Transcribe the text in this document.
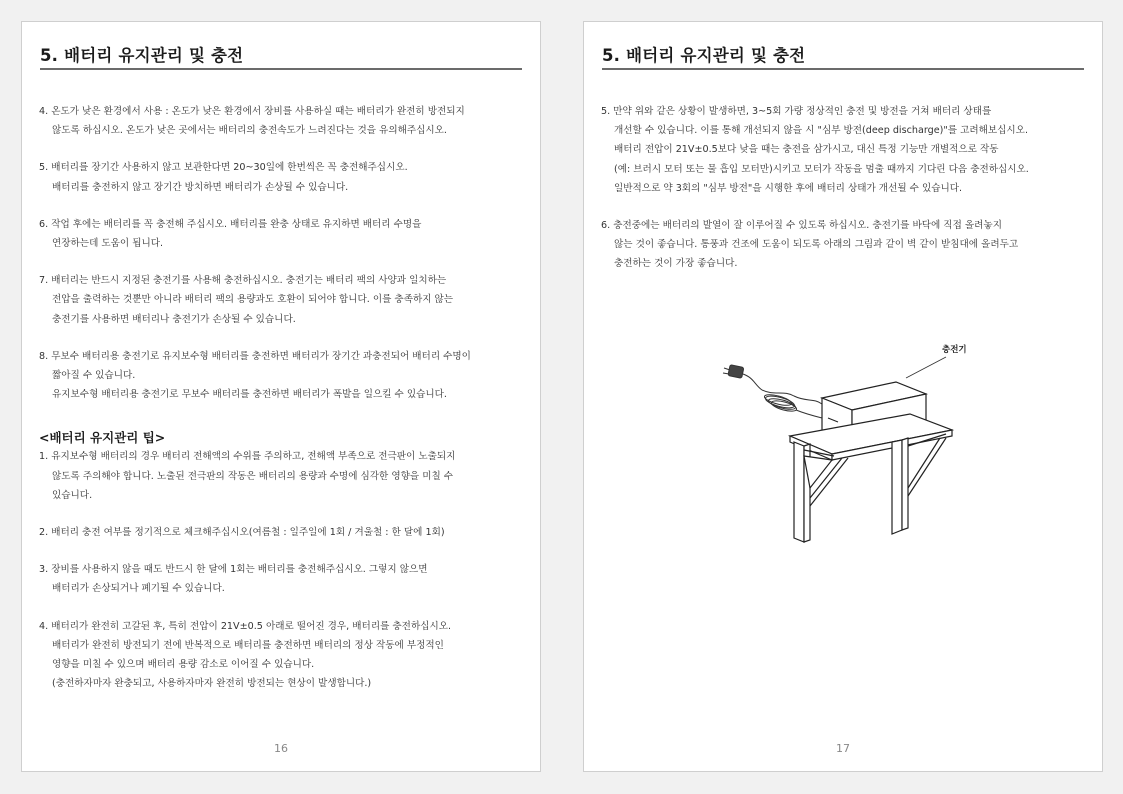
5. 배터리 유지관리 및 충전

4. 온도가 낮은 환경에서 사용 : 온도가 낮은 환경에서 장비를 사용하실 때는 배터리가 완전히 방전되지

않도록 하십시오. 온도가 낮은 곳에서는 배터리의 충전속도가 느려진다는 것을 유의해주십시오.

5. 배터리를 장기간 사용하지 않고 보관한다면 20~30일에 한번씩은 꼭 충전해주십시오.

배터리를 충전하지 않고 장기간 방치하면 배터리가 손상될 수 있습니다.

6. 작업 후에는 배터리를 꼭 충전해 주십시오. 배터리를 완충 상태로 유지하면 배터리 수명을

연장하는데 도움이 됩니다.

7. 배터리는 반드시 지정된 충전기를 사용해 충전하십시오. 충전기는 배터리 팩의 사양과 일치하는

전압을 출력하는 것뿐만 아니라 배터리 팩의 용량과도 호환이 되어야 합니다. 이를 충족하지 않는

충전기를 사용하면 배터리나 충전기가 손상될 수 있습니다.

8. 무보수 배터리용 충전기로 유지보수형 배터리를 충전하면 배터리가 장기간 과충전되어 배터리 수명이

짧아질 수 있습니다.

유지보수형 배터리용 충전기로 무보수 배터리를 충전하면 배터리가 폭발을 일으킬 수 있습니다.

<배터리 유지관리 팁>

1. 유지보수형 배터리의 경우 배터리 전해액의 수위를 주의하고, 전해액 부족으로 전극판이 노출되지

않도록 주의해야 합니다. 노출된 전극판의 작동은 배터리의 용량과 수명에 심각한 영향을 미칠 수

있습니다.

2. 배터리 충전 여부를 정기적으로 체크해주십시오(여름철 : 일주일에 1회 / 겨울철 : 한 달에 1회)

3. 장비를 사용하지 않을 때도 반드시 한 달에 1회는 배터리를 충전해주십시오. 그렇지 않으면

배터리가 손상되거나 폐기될 수 있습니다.

4. 배터리가 완전히 고갈된 후, 특히 전압이 21V±0.5 아래로 떨어진 경우, 배터리를 충전하십시오.

배터리가 완전히 방전되기 전에 반복적으로 배터리를 충전하면 배터리의 정상 작동에 부정적인

영향을 미칠 수 있으며 배터리 용량 감소로 이어질 수 있습니다.

(충전하자마자 완충되고, 사용하자마자 완전히 방전되는 현상이 발생합니다.)

16
5. 배터리 유지관리 및 충전

5. 만약 위와 같은 상황이 발생하면, 3~5회 가량 정상적인 충전 및 방전을 거쳐 배터리 상태를

개선할 수 있습니다. 이를 통해 개선되지 않을 시 "심부 방전(deep discharge)"를 고려해보십시오.

배터리 전압이 21V±0.5보다 낮을 때는 충전을 삼가시고, 대신 특정 기능만 개별적으로 작동

(예: 브러시 모터 또는 물 흡입 모터만)시키고 모터가 작동을 멈출 때까지 기다린 다음 충전하십시오.

일반적으로 약 3회의 "심부 방전"을 시행한 후에 배터리 상태가 개선될 수 있습니다.

6. 충전중에는 배터리의 발열이 잘 이루어질 수 있도록 하십시오. 충전기를 바닥에 직접 올려놓지

않는 것이 좋습니다. 통풍과 건조에 도움이 되도록 아래의 그림과 같이 벽 같이 받침대에 올려두고

충전하는 것이 가장 좋습니다.

충전기
17
